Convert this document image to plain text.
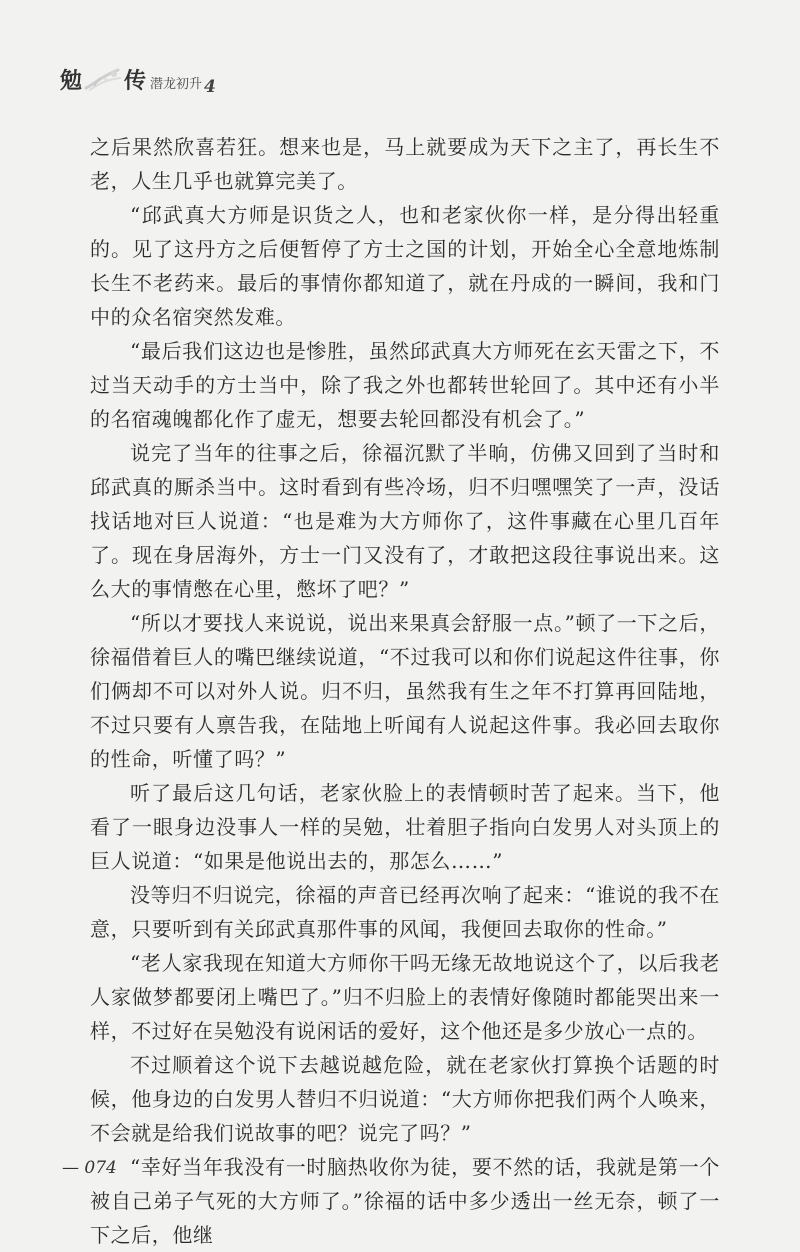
勉 传 潜龙初升 4

之后果然欣喜若狂。想来也是，马上就要成为天下之主了，再长生不老，人生几乎也就算完美了。

“邱武真大方师是识货之人，也和老家伙你一样，是分得出轻重的。见了这丹方之后便暂停了方士之国的计划，开始全心全意地炼制长生不老药来。最后的事情你都知道了，就在丹成的一瞬间，我和门中的众名宿突然发难。

“最后我们这边也是惨胜，虽然邱武真大方师死在玄天雷之下，不过当天动手的方士当中，除了我之外也都转世轮回了。其中还有小半的名宿魂魄都化作了虚无，想要去轮回都没有机会了。”

说完了当年的往事之后，徐福沉默了半晌，仿佛又回到了当时和邱武真的厮杀当中。这时看到有些冷场，归不归嘿嘿笑了一声，没话找话地对巨人说道：“也是难为大方师你了，这件事藏在心里几百年了。现在身居海外，方士一门又没有了，才敢把这段往事说出来。这么大的事情憋在心里，憋坏了吧？”

“所以才要找人来说说，说出来果真会舒服一点。”顿了一下之后，徐福借着巨人的嘴巴继续说道，“不过我可以和你们说起这件往事，你们俩却不可以对外人说。归不归，虽然我有生之年不打算再回陆地，不过只要有人禀告我，在陆地上听闻有人说起这件事。我必回去取你的性命，听懂了吗？”

听了最后这几句话，老家伙脸上的表情顿时苦了起来。当下，他看了一眼身边没事人一样的吴勉，壮着胆子指向白发男人对头顶上的巨人说道：“如果是他说出去的，那怎么……”

没等归不归说完，徐福的声音已经再次响了起来：“谁说的我不在意，只要听到有关邱武真那件事的风闻，我便回去取你的性命。”

“老人家我现在知道大方师你干吗无缘无故地说这个了，以后我老人家做梦都要闭上嘴巴了。”归不归脸上的表情好像随时都能哭出来一样，不过好在吴勉没有说闲话的爱好，这个他还是多少放心一点的。

不过顺着这个说下去越说越危险，就在老家伙打算换个话题的时候，他身边的白发男人替归不归说道：“大方师你把我们两个人唤来，不会就是给我们说故事的吧？说完了吗？”

“幸好当年我没有一时脑热收你为徒，要不然的话，我就是第一个被自己弟子气死的大方师了。”徐福的话中多少透出一丝无奈，顿了一下之后，他继

— 074
